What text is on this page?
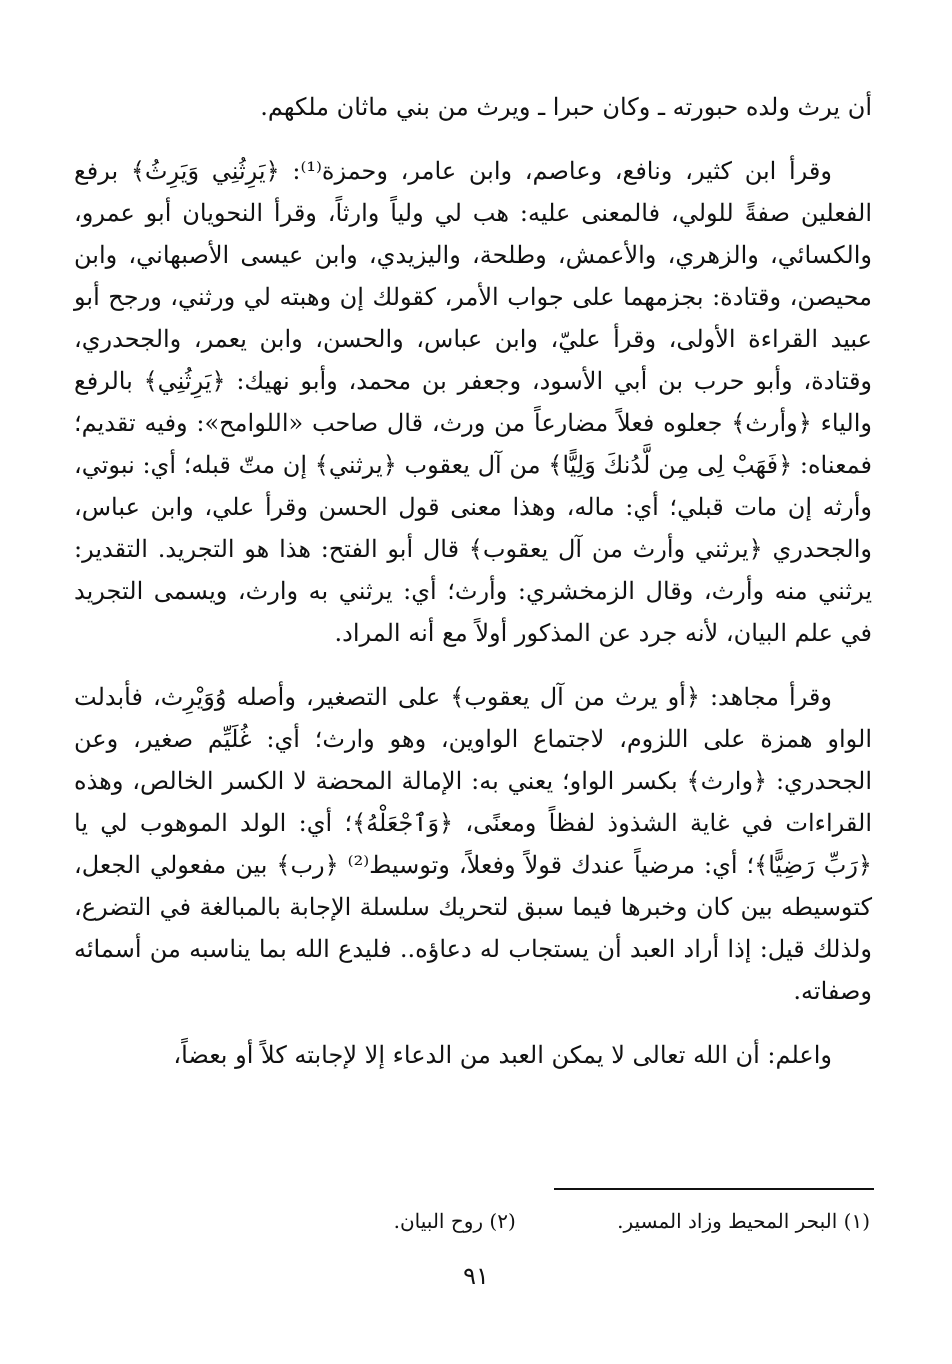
أن يرث ولده حبورته ـ وكان حبرا ـ ويرث من بني ماثان ملكهم.

وقرأ ابن كثير، ونافع، وعاصم، وابن عامر، وحمزة⁽¹⁾: ﴿يَرِثُنِي وَيَرِثُ﴾ برفع الفعلين صفةً للولي، فالمعنى عليه: هب لي ولياً وارثاً، وقرأ النحويان أبو عمرو، والكسائي، والزهري، والأعمش، وطلحة، واليزيدي، وابن عيسى الأصبهاني، وابن محيصن، وقتادة: بجزمهما على جواب الأمر، كقولك إن وهبته لي ورثني، ورجح أبو عبيد القراءة الأولى، وقرأ عليّ، وابن عباس، والحسن، وابن يعمر، والجحدري، وقتادة، وأبو حرب بن أبي الأسود، وجعفر بن محمد، وأبو نهيك: ﴿يَرِثُنِي﴾ بالرفع والياء ﴿وأرث﴾ جعلوه فعلاً مضارعاً من ورث، قال صاحب «اللوامح»: وفيه تقديم؛ فمعناه: ﴿فَهَبْ لِى مِن لَّدُنكَ وَلِيًّا﴾ من آل يعقوب ﴿يرثني﴾ إن متّ قبله؛ أي: نبوتي، وأرثه إن مات قبلي؛ أي: ماله، وهذا معنى قول الحسن وقرأ علي، وابن عباس، والجحدري ﴿يرثني وأرث من آل يعقوب﴾ قال أبو الفتح: هذا هو التجريد. التقدير: يرثني منه وأرث، وقال الزمخشري: وأرث؛ أي: يرثني به وارث، ويسمى التجريد في علم البيان، لأنه جرد عن المذكور أولاً مع أنه المراد.

وقرأ مجاهد: ﴿أو يرث من آل يعقوب﴾ على التصغير، وأصله وُوَيْرِث، فأبدلت الواو همزة على اللزوم، لاجتماع الواوين، وهو وارث؛ أي: غُلَيِّم صغير، وعن الجحدري: ﴿وارث﴾ بكسر الواو؛ يعني به: الإمالة المحضة لا الكسر الخالص، وهذه القراءات في غاية الشذوذ لفظاً ومعنًى، ﴿وَٱجْعَلْهُ﴾؛ أي: الولد الموهوب لي يا ﴿رَبِّ رَضِيًّا﴾؛ أي: مرضياً عندك قولاً وفعلاً، وتوسيط⁽²⁾ ﴿رب﴾ بين مفعولي الجعل، كتوسيطه بين كان وخبرها فيما سبق لتحريك سلسلة الإجابة بالمبالغة في التضرع، ولذلك قيل: إذا أراد العبد أن يستجاب له دعاؤه.. فليدع الله بما يناسبه من أسمائه وصفاته.

واعلم: أن الله تعالى لا يمكن العبد من الدعاء إلا لإجابته كلاً أو بعضاً،

(١) البحر المحيط وزاد المسير. (٢) روح البيان.
٩١
